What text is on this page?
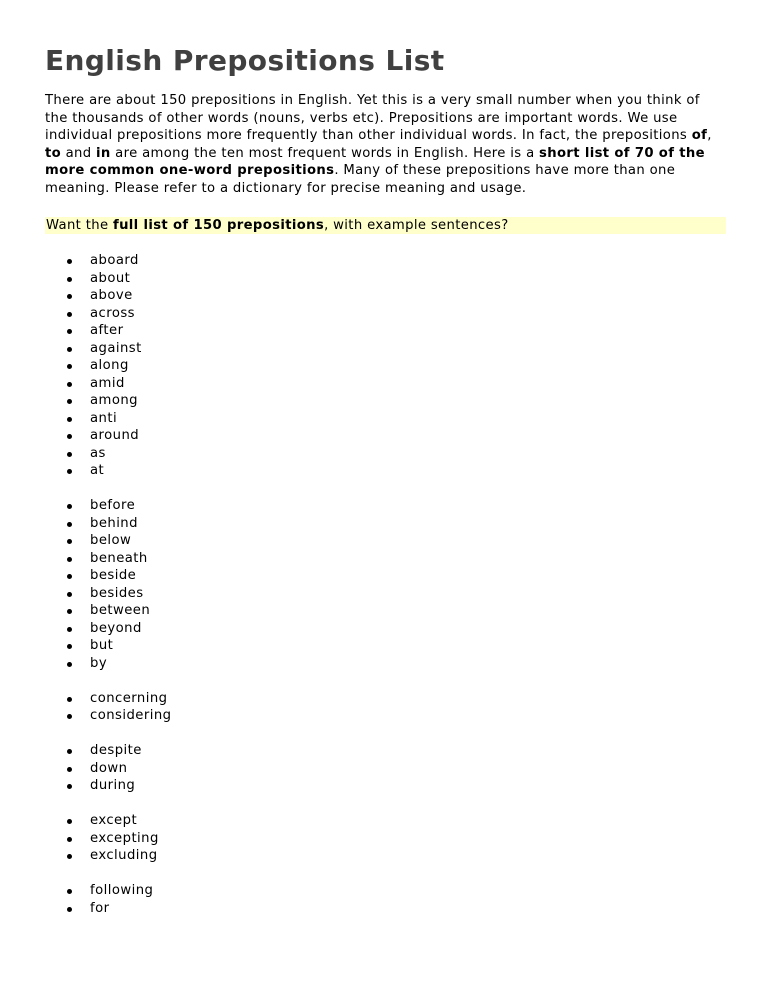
English Prepositions List

There are about 150 prepositions in English. Yet this is a very small number when you think of the thousands of other words (nouns, verbs etc). Prepositions are important words. We use individual prepositions more frequently than other individual words. In fact, the prepositions of, to and in are among the ten most frequent words in English. Here is a short list of 70 of the more common one-word prepositions. Many of these prepositions have more than one meaning. Please refer to a dictionary for precise meaning and usage.

Want the full list of 150 prepositions, with example sentences?
aboard
about
above
across
after
against
along
amid
among
anti
around
as
at
before
behind
below
beneath
beside
besides
between
beyond
but
by
concerning
considering
despite
down
during
except
excepting
excluding
following
for
